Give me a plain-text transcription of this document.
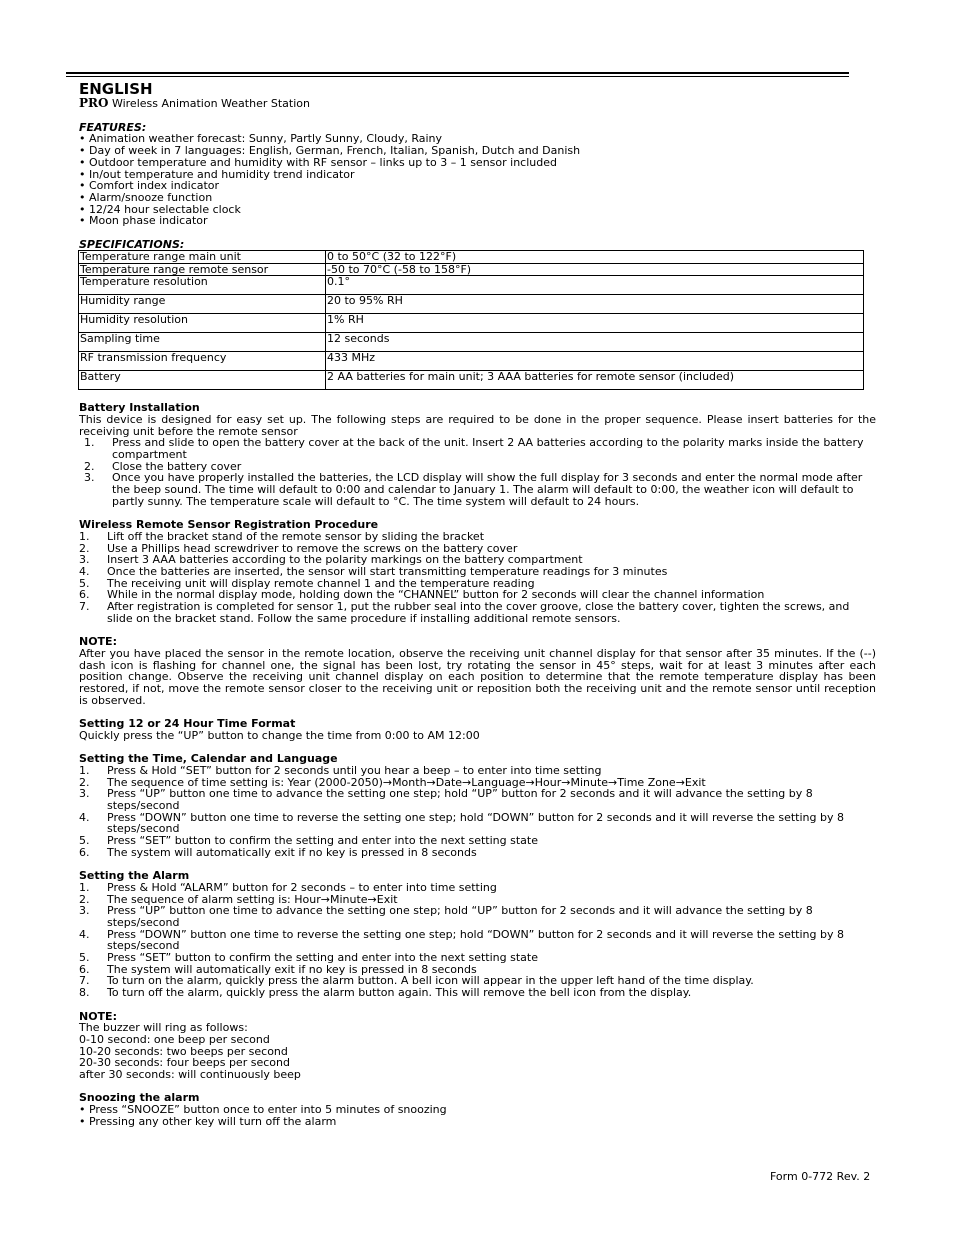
ENGLISH
PRO Wireless Animation Weather Station
FEATURES:
• Animation weather forecast: Sunny, Partly Sunny, Cloudy, Rainy
• Day of week in 7 languages: English, German, French, Italian, Spanish, Dutch and Danish
• Outdoor temperature and humidity with RF sensor – links up to 3 – 1 sensor included
• In/out temperature and humidity trend indicator
• Comfort index indicator
• Alarm/snooze function
• 12/24 hour selectable clock
• Moon phase indicator
SPECIFICATIONS:
Temperature range main unit	0 to 50°C (32 to 122°F)
Temperature range remote sensor	-50 to 70°C (-58 to 158°F)
Temperature resolution	0.1°
Humidity range	20 to 95% RH
Humidity resolution	1% RH
Sampling time	12 seconds
RF transmission frequency	433 MHz
Battery	2 AA batteries for main unit; 3 AAA batteries for remote sensor (included)
Battery Installation

This device is designed for easy set up. The following steps are required to be done in the proper sequence. Please insert batteries for the receiving unit before the remote sensor

1.	Press and slide to open the battery cover at the back of the unit. Insert 2 AA batteries according to the polarity marks inside the battery compartment
2.	Close the battery cover
3.	Once you have properly installed the batteries, the LCD display will show the full display for 3 seconds and enter the normal mode after the beep sound. The time will default to 0:00 and calendar to January 1. The alarm will default to 0:00, the weather icon will default to partly sunny. The temperature scale will default to °C. The time system will default to 24 hours.
Wireless Remote Sensor Registration Procedure
1.	Lift off the bracket stand of the remote sensor by sliding the bracket
2.	Use a Phillips head screwdriver to remove the screws on the battery cover
3.	Insert 3 AAA batteries according to the polarity markings on the battery compartment
4.	Once the batteries are inserted, the sensor will start transmitting temperature readings for 3 minutes
5.	The receiving unit will display remote channel 1 and the temperature reading
6.	While in the normal display mode, holding down the “CHANNEL” button for 2 seconds will clear the channel information
7.	After registration is completed for sensor 1, put the rubber seal into the cover groove, close the battery cover, tighten the screws, and slide on the bracket stand. Follow the same procedure if installing additional remote sensors.
NOTE:

After you have placed the sensor in the remote location, observe the receiving unit channel display for that sensor after 35 minutes. If the (--) dash icon is flashing for channel one, the signal has been lost, try rotating the sensor in 45° steps, wait for at least 3 minutes after each position change. Observe the receiving unit channel display on each position to determine that the remote temperature display has been restored, if not, move the remote sensor closer to the receiving unit or reposition both the receiving unit and the remote sensor until reception is observed.

Setting 12 or 24 Hour Time Format

Quickly press the “UP” button to change the time from 0:00 to AM 12:00

Setting the Time, Calendar and Language
1.	Press & Hold “SET” button for 2 seconds until you hear a beep – to enter into time setting
2.	The sequence of time setting is: Year (2000-2050)→Month→Date→Language→Hour→Minute→Time Zone→Exit
3.	Press “UP” button one time to advance the setting one step; hold “UP” button for 2 seconds and it will advance the setting by 8 steps/second
4.	Press “DOWN” button one time to reverse the setting one step; hold “DOWN” button for 2 seconds and it will reverse the setting by 8 steps/second
5.	Press “SET” button to confirm the setting and enter into the next setting state
6.	The system will automatically exit if no key is pressed in 8 seconds
Setting the Alarm
1.	Press & Hold “ALARM” button for 2 seconds – to enter into time setting
2.	The sequence of alarm setting is: Hour→Minute→Exit
3.	Press “UP” button one time to advance the setting one step; hold “UP” button for 2 seconds and it will advance the setting by 8 steps/second
4.	Press “DOWN” button one time to reverse the setting one step; hold “DOWN” button for 2 seconds and it will reverse the setting by 8 steps/second
5.	Press “SET” button to confirm the setting and enter into the next setting state
6.	The system will automatically exit if no key is pressed in 8 seconds
7.	To turn on the alarm, quickly press the alarm button. A bell icon will appear in the upper left hand of the time display.
8.	To turn off the alarm, quickly press the alarm button again. This will remove the bell icon from the display.
NOTE:
The buzzer will ring as follows:
0-10 second: one beep per second
10-20 seconds: two beeps per second
20-30 seconds: four beeps per second
after 30 seconds: will continuously beep
Snoozing the alarm
• Press “SNOOZE” button once to enter into 5 minutes of snoozing
• Pressing any other key will turn off the alarm
Form 0-772 Rev. 2
